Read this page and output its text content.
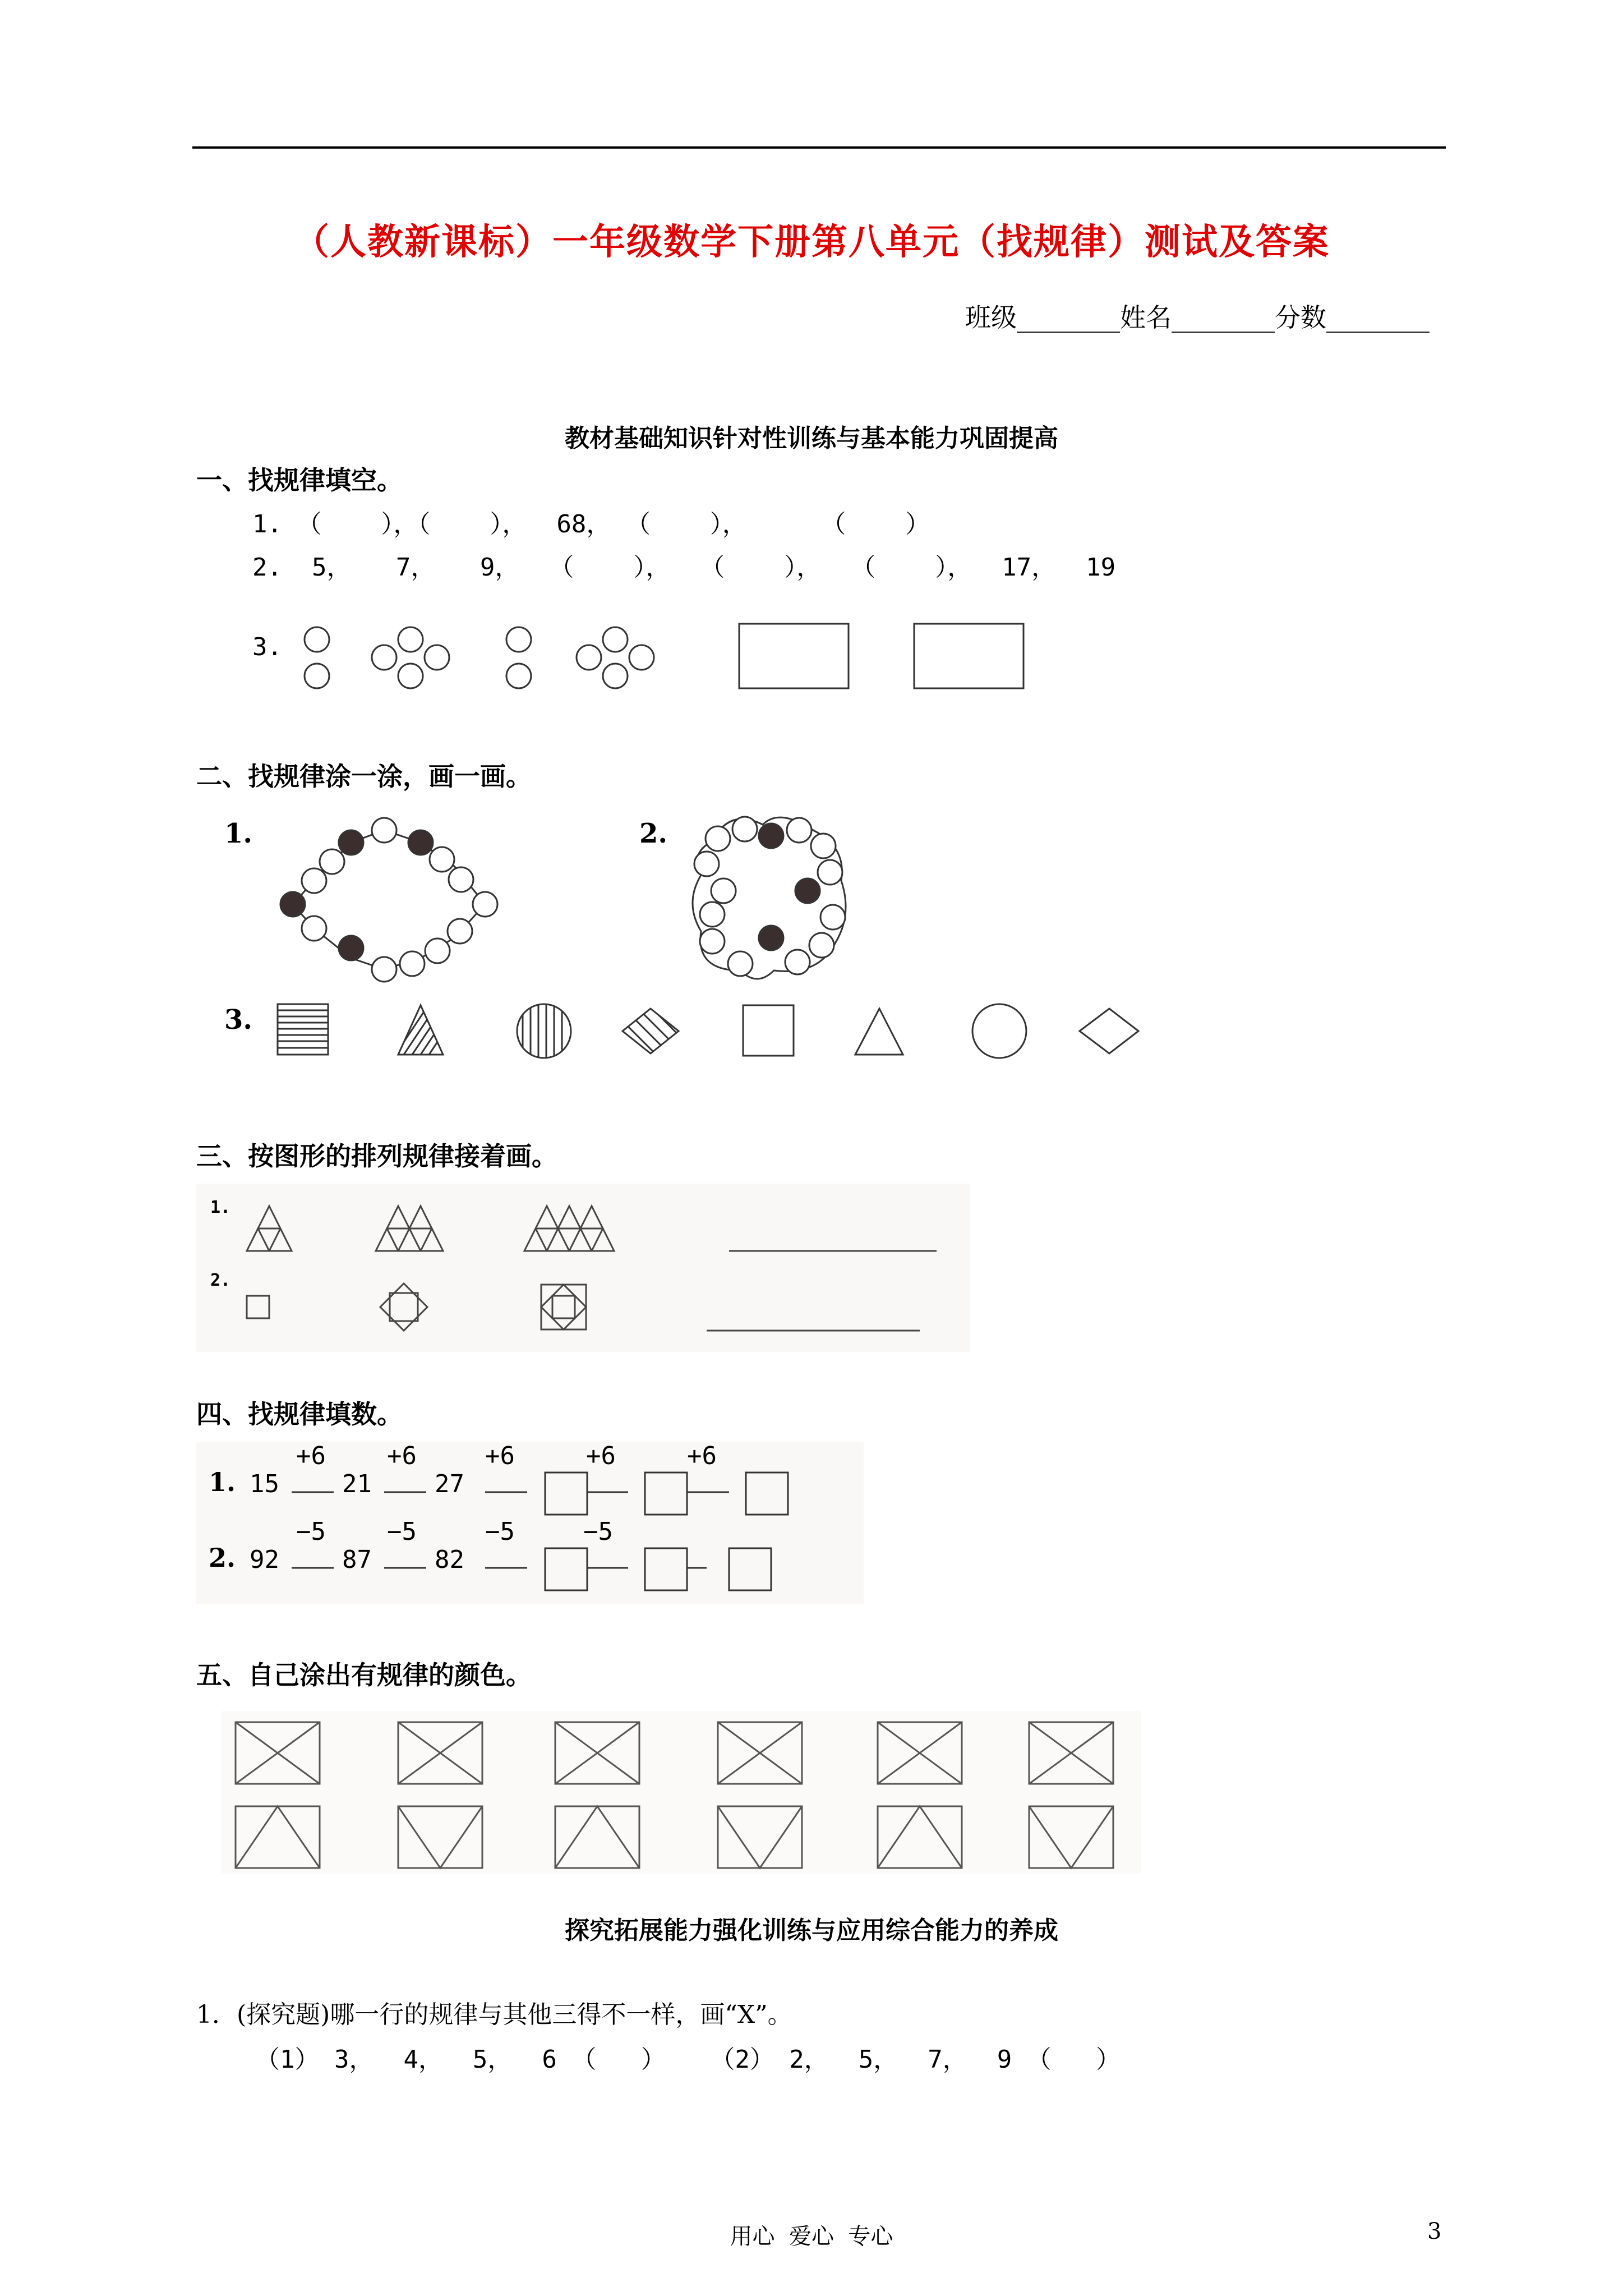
（人教新课标）一年级数学下册第八单元（找规律）测试及答案
班级________姓名________分数________
教材基础知识针对性训练与基本能力巩固提高
一、找规律填空。
1. （    ），（    ），  68， （    ），     （    ）
2.  5，   7，   9，  （    ），  （    ），  （    ），  17，  19
3.
二、找规律涂一涂，画一画。
1.	2.
3.
三、按图形的排列规律接着画。
1.
2.
四、找规律填数。
1. 15
+6
21
+6
27
+6	+6	+6
2. 92
−5
87
−5
82
−5	−5
五、自己涂出有规律的颜色。
探究拓展能力强化训练与应用综合能力的养成
1．(探究题)哪一行的规律与其他三得不一样，画“X”。
（1） 3，  4，  5，  6 （   ）   （2） 2，  5，  7，  9 （   ）
用心  爱心  专心	3
